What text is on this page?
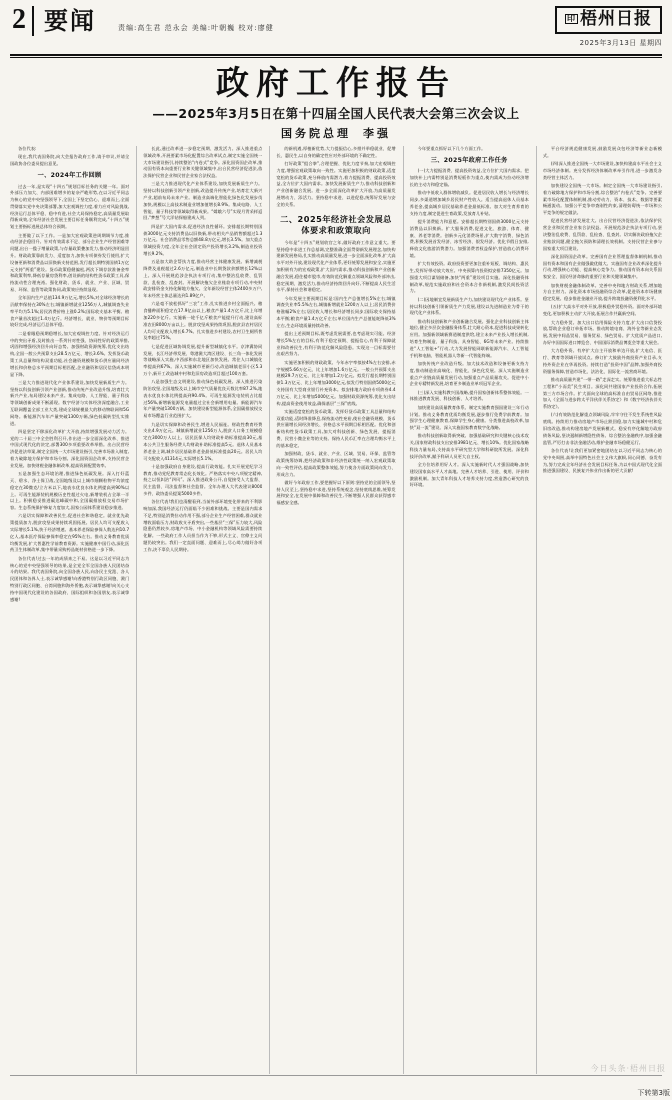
2 要闻	责编:高生君 范永会 美编:叶朝巍 校对:廖健
印 梧州日报
2025年3月13日 星期四
政府工作报告
——2025年3月5日在第十四届全国人民代表大会第三次会议上
国务院总理 李强
各位代表:
现在,我代表国务院,向大会报告政府工作,请予审议,并请全国政协各位委员提出意见。
一、2024年工作回顾
过去一年,是实现“十四五”规划目标任务的关键一年。面对外部压力加大、内部困难增多的复杂严峻形势,在以习近平同志为核心的党中央坚强领导下,全国上下坚定信心、迎难而上,全面贯彻落实党中央决策部署,加大宏观调控力度,着力应对风险挑战,经济运行总体平稳、稳中有进,社会大局保持稳定,高质量发展取得新成效,全年经济社会发展主要目标任务顺利完成,“十四五”规划主要指标进展总体符合预期。
主要做了以下工作。一是加大宏观政策逆周期调节力度,推动经济企稳回升。针对有效需求不足、部分企业生产经营困难等问题,出台一揽子增量政策,与存量政策叠加发力,推动经济明显回升。财政政策靠前发力、适度加力,加快专项债券发行使用,扩大设备更新和消费品以旧换新支持范围,发行超长期特别国债1万亿元支持“两重”建设。货币政策稳健偏松,两次下调存款准备金率和政策利率,降低存量房贷利率,创设新的结构性货币政策工具,保持流动性合理充裕。强化财政、货币、就业、产业、区域、贸易、环保、监管等政策协同,政策效应持续显现。
全年国内生产总值134.9万亿元,增长5%,对全球经济增长的贡献率保持在30%左右;城镇新增就业1256万人,城镇调查失业率平均为5.1%;居民消费价格上涨0.2%;国际收支基本平衡。粮食产量首次超过1.4万亿斤。经济增长、就业、物价等预期目标较好完成,经济运行总体平稳。
二是着眼稳预期稳增长,加大宏观调控力度。针对经济运行中的突出矛盾,及时推出一系列针对性强、协同性好的政策举措,巩固和增强经济回升向好态势。加强财政资源统筹,优化支出结构,全国一般公共预算支出28.5万亿元、增长3.6%。发挥货币政策工具总量和结构双重功能,社会融资规模和货币供应量同经济增长和价格总水平预期目标相匹配,企业融资和居民信贷成本明显下降。
三是大力推进现代化产业体系建设,加快发展新质生产力。坚持以科技创新引领产业创新,推动传统产业改造升级,培育壮大新兴产业,布局建设未来产业。集成电路、人工智能、量子科技等领域创新成果不断涌现。数字经济与实体经济深度融合,工业互联网覆盖全部工业大类,建成全球规模最大的移动物联网和5G网络。新能源汽车年产量突破1300万辆,绿色低碳转型扎实推进。
四是坚定不移深化改革扩大开放,持续增强发展动力活力。党的二十届三中全会胜利召开,作出进一步全面深化改革、推进中国式现代化的决定,部署300多项重要改革举措。出台民营经济促进法草案,制定全国统一大市场建设指引,完善市场准入制度,着力破除地方保护和市场分割。深化国资国企改革,支持民营企业发展。加快财税金融体制改革,提高资源配置效率。
五是加强生态环境治理,推进绿色低碳发展。深入打好蓝天、碧水、净土保卫战,全国地级及以上城市细颗粒物平均浓度稳定在30微克/立方米以下,地表水优良水体比例提高到90%以上。可再生能源装机规模历史性超过火电,新增装机占全球一半以上。积极稳妥推进碳达峰碳中和,全国碳排放权交易市场扩容。生态系统保护修复力度加大,国家公园体系建设稳步推进。
六是切实保障和改善民生,促进社会和谐稳定。就业优先政策提质加力,脱贫攻坚成果持续巩固拓展。居民人均可支配收入实际增长5.1%,快于经济增速。基本养老保险参保人数达到10.7亿人,基本医疗保险参保率稳定在95%左右。推动义务教育优质均衡发展,扩大普惠性学前教育资源。实施健康中国行动,深化医药卫生体制改革,集中带量采购药品耗材价格进一步下降。
各位代表!过去一年的成绩来之不易。这是以习近平同志为核心的党中央坚强领导的结果,是全党全军全国各族人民团结奋斗的结果。我代表国务院,向全国各族人民,向各民主党派、各人民团体和各界人士,表示诚挚感谢!向香港特别行政区同胞、澳门特别行政区同胞、台湾同胞和海外侨胞,表示诚挚感谢!向关心支持中国现代化建设的各国政府、国际组织和各国朋友,表示诚挚感谢!
长此,通过改革进一步稳定预期、激发活力。深入推进重点领域改革,开展要素市场化配置综合改革试点,制定实施全国统一大市场建设指引,持续整治“内卷式”竞争。深化国资国企改革,推动国有资本向重要行业和关键领域集中,出台民营经济促进法,依法保护民营企业和民营企业家合法权益。
三是大力推进现代化产业体系建设,加快发展新质生产力。坚持以科技创新引领产业创新,改造提升传统产业,培育壮大新兴产业,超前布局未来产业。制造业高端化智能化绿色化发展步伐加快,规模以上高技术制造业增加值增长8.9%。集成电路、人工智能、量子科技等领域取得新成果。“嫦娥六号”实现月背采样返回,“梦想”号大洋钻探船建成入列。
四是扩大国内需求,促进经济良性循环。安排超长期特别国债3000亿元支持消费品以旧换新,带动相关产品销售额超过1.3万亿元。社会消费品零售总额48.8万亿元,增长3.5%。加大重点领域投资力度,全年全社会固定资产投资增长3.2%,制造业投资增长9.2%。
五是加大助企帮扶力度,推动经营主体健康发展。新增减税降费及退税超过2.6万亿元,制造业中长期贷款余额增长12%以上。深入开展规范涉企执法专项行动,集中整治乱收费、乱罚款、乱检查、乱查封。开展解决拖欠企业账款专项行动,中央财政安排资金支持化解地方拖欠。全年新设经营主体2400多万户,年末经营主体总量达到1.89亿户。
六是毫不放松抓好“三农”工作,扎实推进乡村全面振兴。粮食播种面积稳定在17.9亿亩以上,粮食产量1.4万亿斤,比上年增加220多亿斤。实施新一轮千亿斤粮食产能提升行动,建设高标准农田8000万亩以上。脱贫攻坚成果持续巩固,脱贫县农村居民人均可支配收入增长6.7%。扎实推进乡村建设,农村卫生厕所普及率超过75%。
七是促进区域协调发展,提升新型城镇化水平。京津冀协同发展、长江经济带发展、粤港澳大湾区建设、长三角一体化发展等战略深入实施,中西部和东北地区加快发展。常住人口城镇化率提高到67%。深入实施城市更新行动,改造城镇老旧小区5.3万个,新开工改造城中村和危旧房改造项目超过100万套。
八是加强生态文明建设,推动绿色低碳发展。深入推进污染防治攻坚,全国地级及以上城市空气质量优良天数比率87.2%,地表水优良水体比例提高到90.4%。可再生能源发电装机占比超过56%,新增新能源发电量超过全社会新增用电量。新能源汽车年产量突破1300万辆。加快建设新型能源体系,全国碳排放权交易市场覆盖行业范围扩大。
九是切实保障和改善民生,增进人民福祉。财政性教育经费支出4.9万亿元。城镇新增就业1256万人,脱贫人口务工规模稳定在3000万人以上。居民医保人均财政补助标准提高30元,基本公共卫生服务经费人均财政补助标准提高5元。退休人员基本养老金上调,城乡居民基础养老金最低标准提高20元。居民人均可支配收入41314元,实际增长5.1%。
十是加强政府自身建设,提高行政效能。扎实开展党纪学习教育,推动党纪教育常态化长效化。严格落实中央八项规定精神,持之以恒纠治“四风”。深入推进政务公开,自觉接受人大监督、民主监督、司法监督和社会监督。全年办理人大代表建议8000多件、政协委员提案5000多件。
各位代表!我们也清醒看到,当前外部环境变化带来的不利影响加深,我国经济运行仍面临不少困难和挑战。主要是国内需求不足,特别是消费拉动作用不强,部分企业生产经营困难,群众就业增收面临压力,财政收支矛盾突出,一些基层“三保”压力较大,风险隐患仍然较多,房地产市场、中小金融机构等领域风险需要持续化解。一些政府工作人员担当作为不够,形式主义、官僚主义问题仍较突出。我们一定直面问题、迎难而上,尽心竭力做好各项工作,决不辜负人民期待。
的新机遇,厚植新优势,大力提振信心,多措并举稳就业、促增长、惠民生,以自身的确定性应对外部环境的不确定性。
打好政策“组合拳”,合理把握、优化力度节奏,加大宏观调控力度,增强宏观政策取向一致性。实施更加积极的财政政策,适度宽松的货币政策,充分释放内需潜力,着力提振消费、提高投资效益,全方位扩大国内需求。加快发展新质生产力,推动科技创新和产业创新融合发展。进一步全面深化改革扩大开放,为高质量发展增动力、添活力。坚持稳中求进、以进促稳,统筹好发展与安全的关系。
二、2025年经济社会发展总体要求和政策取向
今年是“十四五”规划收官之年,做好政府工作意义重大。要坚持稳中求进工作总基调,完整准确全面贯彻新发展理念,加快构建新发展格局,扎实推动高质量发展,进一步全面深化改革,扩大高水平对外开放,建设现代化产业体系,更好统筹发展和安全,实施更加积极有为的宏观政策,扩大国内需求,推动科技创新和产业创新融合发展,稳住楼市股市,有效防范化解重点领域风险和外部冲击,稳定预期、激发活力,推动经济持续回升向好,不断提高人民生活水平,保持社会和谐稳定。
今年发展主要预期目标是:国内生产总值增长5%左右;城镇调查失业率5.5%左右,城镇新增就业1200万人以上;居民消费价格涨幅2%左右;居民收入增长和经济增长同步;国际收支保持基本平衡;粮食产量1.4万亿斤左右;单位国内生产总值能耗降低3%左右,生态环境质量持续改善。
提出上述预期目标,既考虑发展需要,也考虑现实可能。经济增长5%左右的目标,有利于稳定预期、提振信心,有利于保障就业和改善民生,有利于防范化解风险隐患。实现这一目标需要付出艰苦努力。
实施更加积极的财政政策。今年赤字率拟按4%左右安排,赤字规模5.66万亿元、比上年增加1.6万亿元。一般公共预算支出规模29.7万亿元、比上年增加1.2万亿元。拟发行超长期特别国债1.3万亿元、比上年增加3000亿元,拟发行特别国债5000亿元支持国有大型商业银行补充资本。拟安排地方政府专项债券4.4万亿元、比上年增加5000亿元。加强财政资源统筹,优化支出结构,提高资金使用效益,确保基层“三保”底线。
实施适度宽松的货币政策。发挥好货币政策工具总量和结构双重功能,适时降准降息,保持流动性充裕,使社会融资规模、货币供应量增长同经济增长、价格总水平预期目标相匹配。优化和创新结构性货币政策工具,加大对科技创新、绿色发展、提振消费、民营小微企业等的支持。保持人民币汇率在合理均衡水平上的基本稳定。
加强财政、货币、就业、产业、区域、贸易、环保、监管等政策统筹协调,把经济政策和非经济性政策统一纳入宏观政策取向一致性评估,提高政策整体效能,努力使各方面政策同向发力、形成合力。
做好今年政府工作,要把握好以下原则:坚持党的全面领导,坚持人民至上,坚持稳中求进,坚持系统观念,坚持底线思维,统筹发展和安全,在发展中保障和改善民生,不断增强人民群众获得感幸福感安全感。
今年要重点抓好以下几个方面工作。
三、2025年政府工作任务
(一)大力提振消费、提高投资效益,全方位扩大国内需求。把加快补上内需特别是消费短板作为重点,使内需成为拉动经济增长的主动力和稳定锚。
推动中低收入群体增收减负。促进居民收入增长与经济增长同步,多渠道增加城乡居民财产性收入。适当提高退休人员基本养老金,提高城乡居民基础养老金最低标准。加大对生育养育的支持力度,制定促进生育政策,发放育儿补贴。
提升消费能力和意愿。安排超长期特别国债3000亿元支持消费品以旧换新。扩大服务消费,促进文化、旅游、体育、健康、养老等消费。创新多元化消费场景,扩大数字消费、绿色消费,积极发展首发经济、冰雪经济、银发经济。优化节假日安排,释放文化旅游消费潜力。加强消费者权益保护,营造放心消费环境。
扩大有效投资。政府投资要更加注重补短板、调结构、惠民生,发挥好带动放大效应。中央预算内投资拟安排7350亿元。加强重大项目谋划储备,加快“两重”建设项目实施。深化投融资体制改革,规范实施政府和社会资本合作新机制,激发民间投资活力。
(二)因地制宜发展新质生产力,加快建设现代化产业体系。坚持以科技创新引领新质生产力发展,建设以先进制造业为骨干的现代化产业体系。
推动科技创新和产业创新融合发展。强化企业科技创新主体地位,健全多层次金融服务体系,壮大耐心资本,促进科技成果转化应用。加强新领域新赛道制度供给,建立未来产业投入增长机制,培育生物制造、量子科技、具身智能、6G等未来产业。持续推进“人工智能+”行动,大力发展智能网联新能源汽车、人工智能手机和电脑、智能机器人等新一代智能终端。
加快传统产业改造升级。加大技术改造和设备更新支持力度,推动制造业高端化、智能化、绿色化发展。深入实施制造业重点产业链高质量发展行动,加强重点产品质量攻关。促进中小企业专精特新发展,培育更多制造业单项冠军企业。
(三)深入实施科教兴国战略,提升国家创新体系整体效能。一体推进教育发展、科技创新、人才培养。
加快建设高质量教育体系。制定实施教育强国建设三年行动计划。推动义务教育优质均衡发展,逐步推行免费学前教育。加强学生心理健康教育,保障学生身心健康。分类推进高校改革,加快“双一流”建设。深入实施国家教育数字化战略。
推动科技创新取得新突破。加强基础研究和关键核心技术攻关,国家财政科技支出安排3981亿元、增长10%。优化国家战略科技力量布局,支持高水平研究型大学和科研院所发展。深化科技评价改革,赋予科研人员更大自主权。
全方位培养用好人才。深入实施新时代人才强国战略,加快建设国家高水平人才高地。完善人才培养、引进、使用、评价和激励机制。加大青年科技人才培养支持力度,营造潜心研究的良好环境。
平台经济规范健康发展,鼓励发展众包经济等新业态新模式。
(四)深入推进全国统一大市场建设,加快构建高水平社会主义市场经济体制。充分发挥经济体制改革牵引作用,进一步激发各类经营主体活力。
加快建设全国统一大市场。制定全国统一大市场建设指引,着力破除地方保护和市场分割,综合整治“内卷式”竞争。完善要素市场化配置体制机制,推动劳动力、资本、技术、数据等要素畅通流动。加强公平竞争审查刚性约束,清理妨碍统一市场和公平竞争的规定做法。
促进民营经济发展壮大。出台民营经济促进法,依法保护民营企业和民营企业家合法权益。开展规范涉企执法专项行动,坚决整治乱收费、乱罚款、乱检查、乱查封。切实解决政府拖欠企业账款问题,健全拖欠预防和清理长效机制。支持民营企业参与国家重大项目建设。
深化国资国企改革。完善国有企业管理监督体制机制,推动国有资本和国有企业做强做优做大。实施国有企业改革深化提升行动,增强核心功能、提高核心竞争力。推动国有资本向关系国家安全、国民经济命脉的重要行业和关键领域集中。
加快财税金融体制改革。完善中央和地方财政关系,增加地方自主财力。深化资本市场投融资综合改革,促进资本市场健康稳定发展。稳步推进金融业开放,提升跨境投融资便利化水平。
(五)扩大高水平对外开放,积极稳外贸稳外资。面对外部环境变化,更加积极主动扩大开放,拓展合作共赢新空间。
大力稳外贸。加大出口信用保险支持力度,扩大出口信贷投放,帮助企业稳订单拓市场。推动跨境电商、海外仓等新业态发展,发展中间品贸易、服务贸易、绿色贸易。扩大优质产品进口,办好中国国际进口博览会、中国国际消费品博览会等重大展会。
大力稳外资。有序扩大自主开放和单边开放,扩大电信、医疗、教育等领域开放试点。修订扩大鼓励外商投资产业目录,支持外资企业在华再投资。持续打造“投资中国”品牌,加强外商投资服务保障,营造市场化、法治化、国际化一流营商环境。
推动高质量共建“一带一路”走深走实。统筹推进重大标志性工程和“小而美”民生项目。深化同共建国家产业投资合作,拓展第三方市场合作。扩大面向全球的高标准自由贸易区网络,推进加入《全面与进步跨太平洋伙伴关系协定》和《数字经济伙伴关系协定》。
(六)有效防范化解重点领域风险,牢牢守住不发生系统性风险底线。持续用力推动房地产市场止跌回稳,加力实施城中村和危旧房改造,推动构建房地产发展新模式。稳妥有序化解地方政府债务风险,坚决遏制新增隐性债务。综合整治金融秩序,加强金融监管,严厉打击非法金融活动,维护金融市场稳健运行。
各位代表!让我们更加紧密地团结在以习近平同志为核心的党中央周围,高举中国特色社会主义伟大旗帜,同心同德、奋发有为,努力完成全年经济社会发展目标任务,为以中国式现代化全面推进强国建设、民族复兴伟业作出新的更大贡献!
今日头条·梧州日报
下转第3版
